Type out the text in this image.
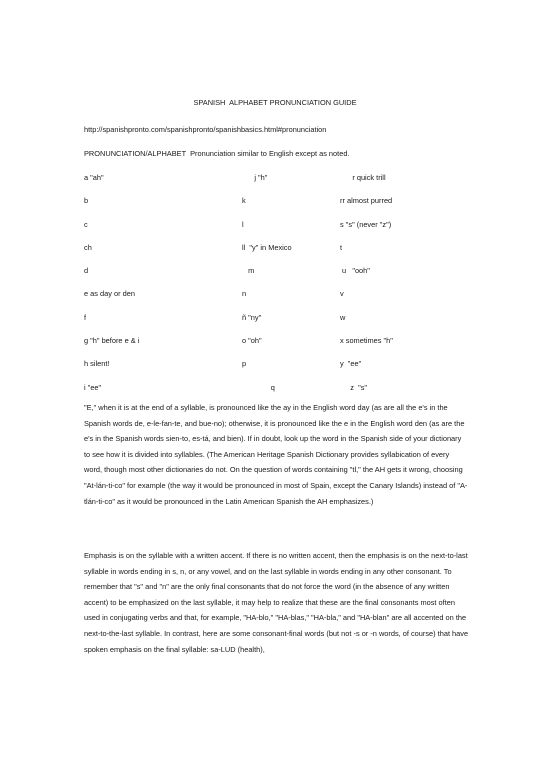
SPANISH  ALPHABET PRONUNCIATION GUIDE
http://spanishpronto.com/spanishpronto/spanishbasics.html#pronunciation
PRONUNCIATION/ALPHABET  Pronunciation similar to English except as noted.
a "ah"	j "h"	r quick trill
b	k	rr almost purred
c	l	s "s" (never "z")
ch	ll  "y" in Mexico	t
d	m	u   "ooh"
e as day or den	n	v
f	ñ "ny"	w
g "h" before e & i	o "oh"	x sometimes "h"
h silent!	p	y  "ee"
i "ee"	q	z  "s"

"E," when it is at the end of a syllable, is pronounced like the ay in the English word day (as are all the e's in the Spanish words de, e-le-fan-te, and bue-no); otherwise, it is pronounced like the e in the English word den (as are the e's in the Spanish words sien-to, es-tá, and bien). If in doubt, look up the word in the Spanish side of your dictionary to see how it is divided into syllables. (The American Heritage Spanish Dictionary provides syllabication of every word, though most other dictionaries do not. On the question of words containing "tl," the AH gets it wrong, choosing "At-lán-ti-co" for example (the way it would be pronounced in most of Spain, except the Canary Islands) instead of "A-tlán-ti-co" as it would be pronounced in the Latin American Spanish the AH emphasizes.)

Emphasis is on the syllable with a written accent. If there is no written accent, then the emphasis is on the next-to-last syllable in words ending in s, n, or any vowel, and on the last syllable in words ending in any other consonant. To remember that "s" and "n" are the only final consonants that do not force the word (in the absence of any written accent) to be emphasized on the last syllable, it may help to realize that these are the final consonants most often used in conjugating verbs and that, for example, "HA-blo," "HA-blas," "HA-bla," and "HA-blan" are all accented on the next-to-the-last syllable. In contrast, here are some consonant-final words (but not -s or -n words, of course) that have spoken emphasis on the final syllable: sa-LUD (health),
